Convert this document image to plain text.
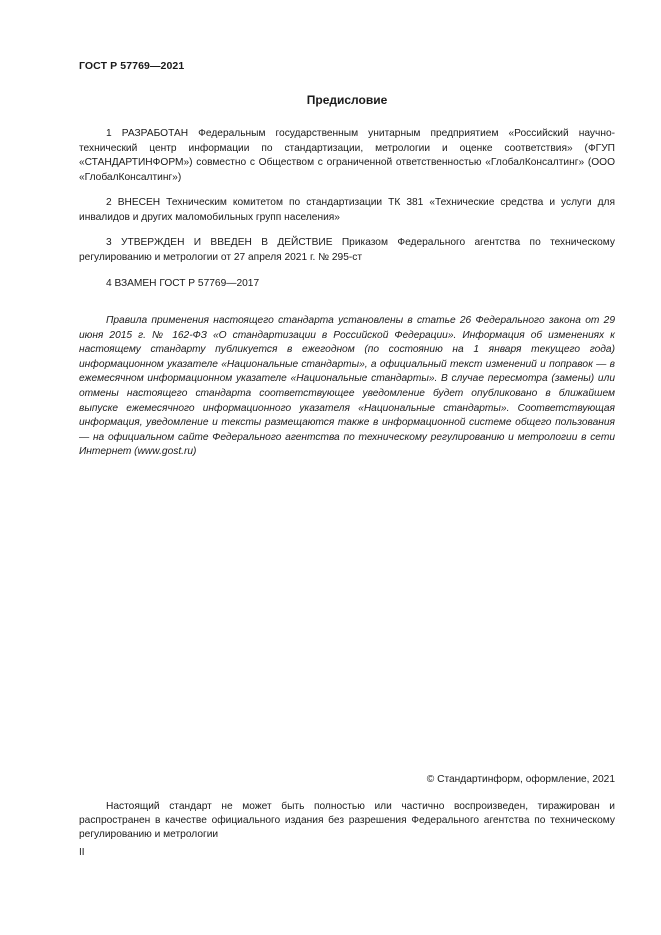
ГОСТ Р 57769—2021
Предисловие

1 РАЗРАБОТАН Федеральным государственным унитарным предприятием «Российский научно-технический центр информации по стандартизации, метрологии и оценке соответствия» (ФГУП «СТАНДАРТИНФОРМ») совместно с Обществом с ограниченной ответственностью «ГлобалКонсалтинг» (ООО «ГлобалКонсалтинг»)

2 ВНЕСЕН Техническим комитетом по стандартизации ТК 381 «Технические средства и услуги для инвалидов и других маломобильных групп населения»

3 УТВЕРЖДЕН И ВВЕДЕН В ДЕЙСТВИЕ Приказом Федерального агентства по техническому регулированию и метрологии от 27 апреля 2021 г. № 295-ст

4 ВЗАМЕН ГОСТ Р 57769—2017

Правила применения настоящего стандарта установлены в статье 26 Федерального закона от 29 июня 2015 г. № 162-ФЗ «О стандартизации в Российской Федерации». Информация об изменениях к настоящему стандарту публикуется в ежегодном (по состоянию на 1 января текущего года) информационном указателе «Национальные стандарты», а официальный текст изменений и поправок — в ежемесячном информационном указателе «Национальные стандарты». В случае пересмотра (замены) или отмены настоящего стандарта соответствующее уведомление будет опубликовано в ближайшем выпуске ежемесячного информационного указателя «Национальные стандарты». Соответствующая информация, уведомление и тексты размещаются также в информационной системе общего пользования — на официальном сайте Федерального агентства по техническому регулированию и метрологии в сети Интернет (www.gost.ru)

© Стандартинформ, оформление, 2021

Настоящий стандарт не может быть полностью или частично воспроизведен, тиражирован и распространен в качестве официального издания без разрешения Федерального агентства по техническому регулированию и метрологии

II
